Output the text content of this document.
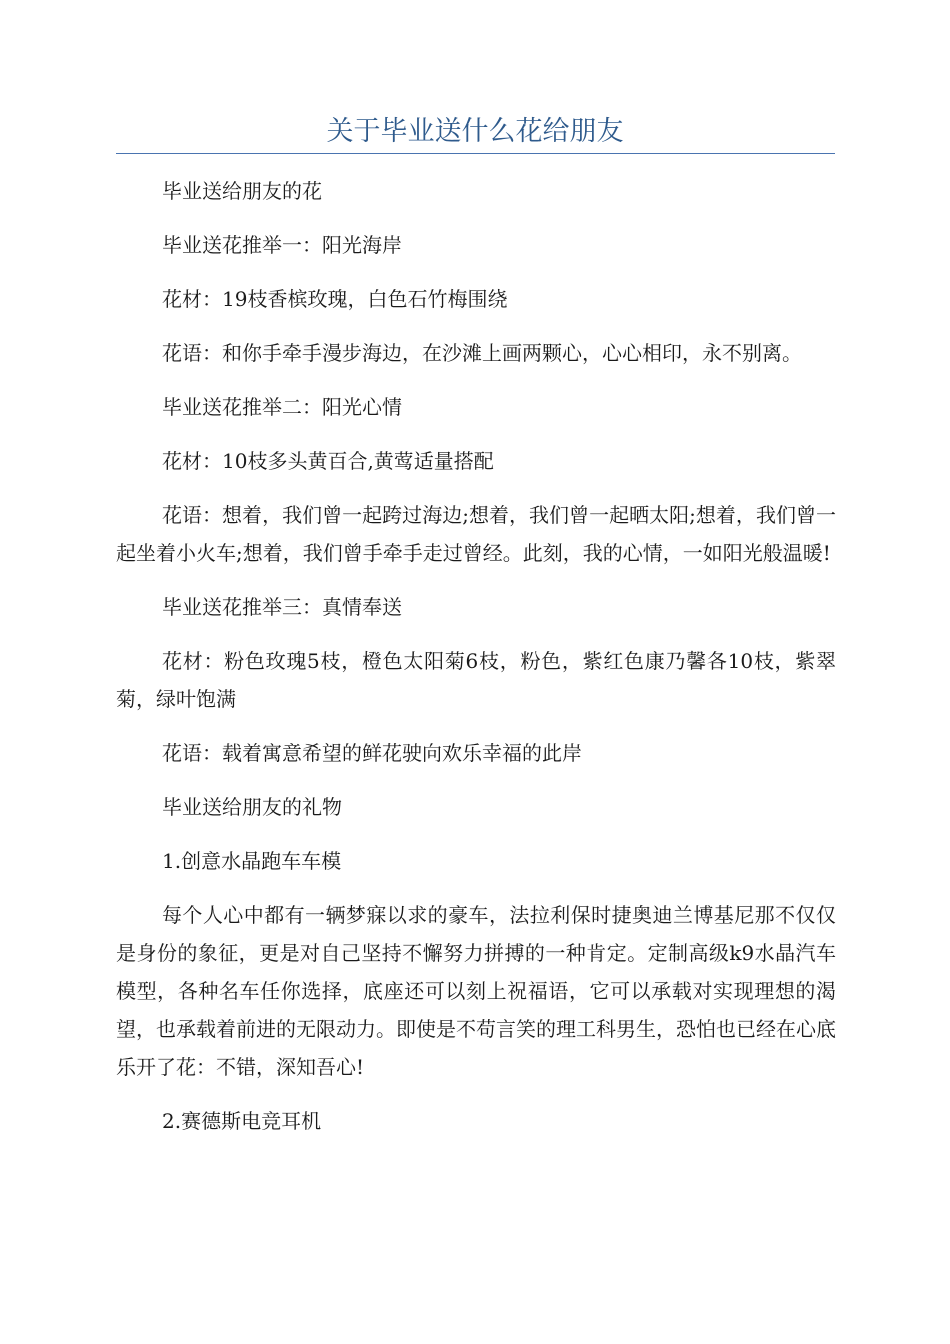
关于毕业送什么花给朋友

毕业送给朋友的花

毕业送花推举一：阳光海岸

花材：19枝香槟玫瑰，白色石竹梅围绕

花语：和你手牵手漫步海边，在沙滩上画两颗心，心心相印，永不别离。

毕业送花推举二：阳光心情

花材：10枝多头黄百合,黄莺适量搭配

花语：想着，我们曾一起跨过海边;想着，我们曾一起晒太阳;想着，我们曾一起坐着小火车;想着，我们曾手牵手走过曾经。此刻，我的心情，一如阳光般温暖!

毕业送花推举三：真情奉送

花材：粉色玫瑰5枝，橙色太阳菊6枝，粉色，紫红色康乃馨各10枝，紫翠菊，绿叶饱满

花语：载着寓意希望的鲜花驶向欢乐幸福的此岸

毕业送给朋友的礼物

1.创意水晶跑车车模

每个人心中都有一辆梦寐以求的豪车，法拉利保时捷奥迪兰博基尼那不仅仅是身份的象征，更是对自己坚持不懈努力拼搏的一种肯定。定制高级k9水晶汽车模型，各种名车任你选择，底座还可以刻上祝福语，它可以承载对实现理想的渴望，也承载着前进的无限动力。即使是不苟言笑的理工科男生，恐怕也已经在心底乐开了花：不错，深知吾心!

2.赛德斯电竞耳机
